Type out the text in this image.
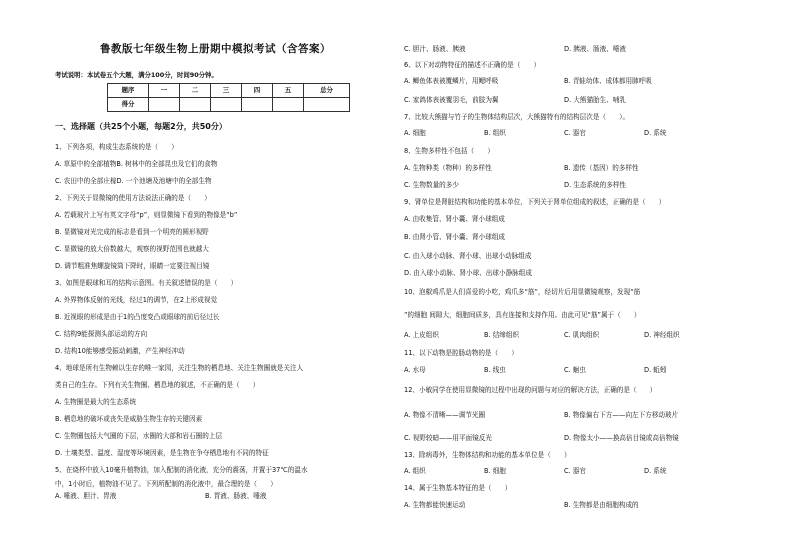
鲁教版七年级生物上册期中模拟考试（含答案）
考试说明：本试卷五个大题，满分100分，时间90分钟。
题序	一	二	三	四	五	总分
得分						
一、选择题（共25个小题，每题2分，共50分）
1、下列各项，构成生态系统的是（　　）
A. 草原中的全部植物B. 树林中的全部昆虫及它们的食物
C. 农田中的全部庄稼D. 一个池塘及池塘中的全部生物
2、下列关于显微镜的使用方法说法正确的是（　　）
A. 若载玻片上写有英文字母“p”，则显微镜下看到的物像是“b”
B. 显微镜对光完成的标志是看到一个明亮的圆形视野
C. 显微镜的放大倍数越大，观察的视野范围也就越大
D. 调节粗准焦螺旋镜筒下降时，眼睛一定要注视目镜
3、如图是眼球和耳的结构示意图。有关叙述错误的是（　　）
A. 外界物体反射的光线，经过1的调节，在2上形成视觉
B. 近视眼的形成是由于1的凸度变凸或眼球的前后径过长
C. 结构9能探测头部运动的方向
D. 结构10能够感受振动刺激，产生神经冲动
4、地球是所有生物赖以生存的唯一家园，关注生物的栖息地、关注生物圈就是关注人
类自己的生存。下列有关生物圈、栖息地的叙述，不正确的是（　　）
A. 生物圈是最大的生态系统
B. 栖息地的破坏或丧失是威胁生物生存的关键因素
C. 生物圈包括大气圈的下层，水圈的大部和岩石圈的上层
D. 土壤类型、温度、湿度等环境因素，是生物在争夺栖息地有不同的特征
5、在烧杯中放入10毫升植物油，加入配制的消化液，充分的震荡，并置于37℃的温水
中，1小时后，植物油不见了。下列所配制的消化液中，最合理的是（　　）
A. 唾液、胆汁、胃液	B. 胃液、肠液、唾液
C. 胆汁、肠液、胰液	D. 胰液、肠液、唾液
6、以下对动物特征的描述不正确的是（　　）
A. 鲫鱼体表被覆鳞片，用鳃呼吸
C. 家鸽体表被覆羽毛，前肢为翼
7、比较大熊猫与竹子的生物体结构层次，大熊猫特有的结构层次是（　　）。
A. 细胞
8、生物多样性不包括（　　）
A. 生物种类（物种）的多样性
C. 生物数量的多少
9、肾单位是肾脏结构和功能的基本单位，下列关于肾单位组成的叙述，正确的是（　　）
A. 由收集管、肾小囊、肾小球组成
B. 由肾小管、肾小囊、肾小球组成
C. 由入球小动脉、肾小球、出球小动脉组成
D. 由入球小动脉、肾小球、出球小静脉组成
10、泡椒鸡爪是人们喜爱的小吃，鸡爪多“筋”，经切片后用显微镜观察，发现“筋
”的细胞 间隙大，细胞间质多，具有连接和支持作用。由此可见“筋”属于（　　）
A. 上皮组织
11、以下动物是腔肠动物的是（　　）
A. 水母
12、小敏同学在使用显微镜的过程中出现的问题与对应的解决方法，正确的是（　　）
A. 物像不清晰——调节光圈
C. 视野较暗——用平面镜反光
13、除病毒外，生物体结构和功能的基本单位是（　　）
A. 组织
14、属于生物基本特征的是（　　）
A. 生物都能快速运动
B. 青蛙幼体、成体都用肺呼吸
D. 大熊猫胎生、哺乳
B. 组织	C. 器官	D. 系统
B. 遗传（基因）的多样性
D. 生态系统的多样性
B. 结缔组织	C. 肌肉组织	D. 神经组织
B. 线虫	C. 蛔虫	D. 蚯蚓
B. 物像偏右下方——向左下方移动玻片
D. 物像太小——换高倍目镜或高倍物镜
B. 细胞	C. 器官	D. 系统
B. 生物都是由细胞构成的
